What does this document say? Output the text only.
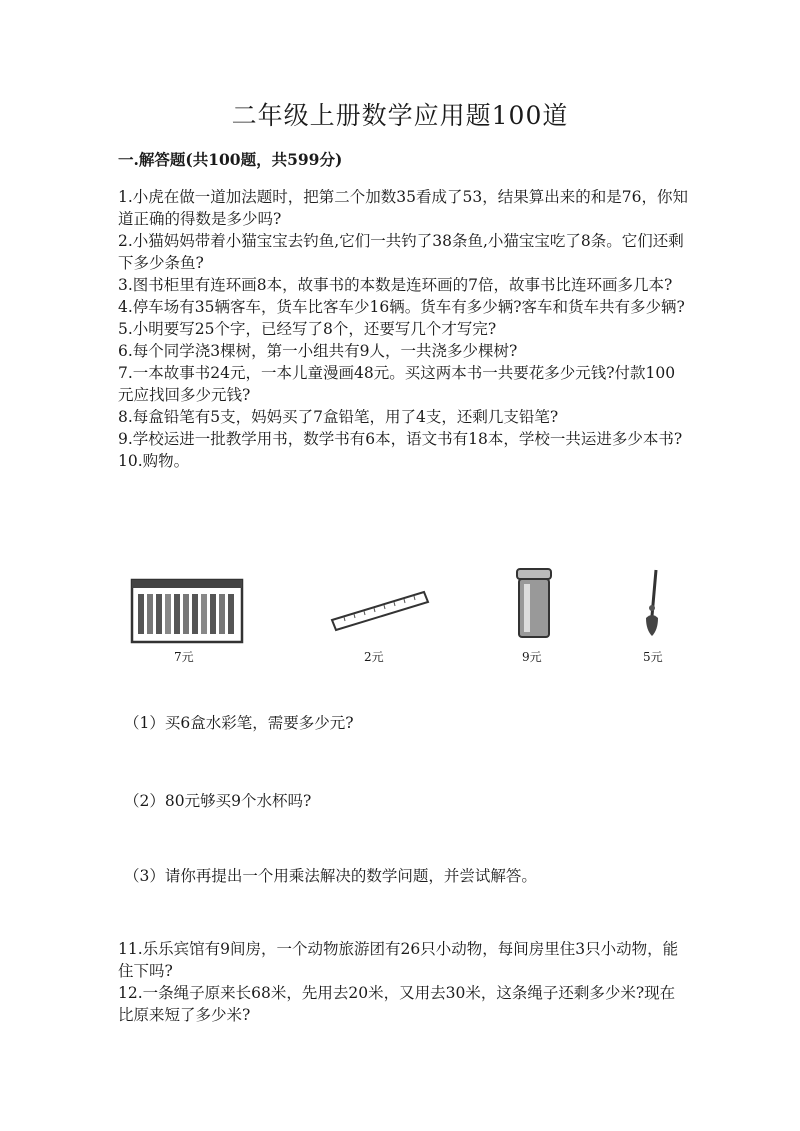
二年级上册数学应用题100道
一.解答题(共100题，共599分)

1.小虎在做一道加法题时，把第二个加数35看成了53，结果算出来的和是76，你知道正确的得数是多少吗?

2.小猫妈妈带着小猫宝宝去钓鱼,它们一共钓了38条鱼,小猫宝宝吃了8条。它们还剩下多少条鱼?

3.图书柜里有连环画8本，故事书的本数是连环画的7倍，故事书比连环画多几本?

4.停车场有35辆客车，货车比客车少16辆。货车有多少辆?客车和货车共有多少辆?

5.小明要写25个字，已经写了8个，还要写几个才写完?

6.每个同学浇3棵树，第一小组共有9人，一共浇多少棵树?

7.一本故事书24元，一本儿童漫画48元。买这两本书一共要花多少元钱?付款100元应找回多少元钱?

8.每盒铅笔有5支，妈妈买了7盒铅笔，用了4支，还剩几支铅笔?

9.学校运进一批教学用书，数学书有6本，语文书有18本，学校一共运进多少本书?

10.购物。

7元	2元	9元	5元
（1）买6盒水彩笔，需要多少元?
（2）80元够买9个水杯吗?
（3）请你再提出一个用乘法解决的数学问题，并尝试解答。

11.乐乐宾馆有9间房，一个动物旅游团有26只小动物，每间房里住3只小动物，能住下吗?

12.一条绳子原来长68米，先用去20米，又用去30米，这条绳子还剩多少米?现在比原来短了多少米?
